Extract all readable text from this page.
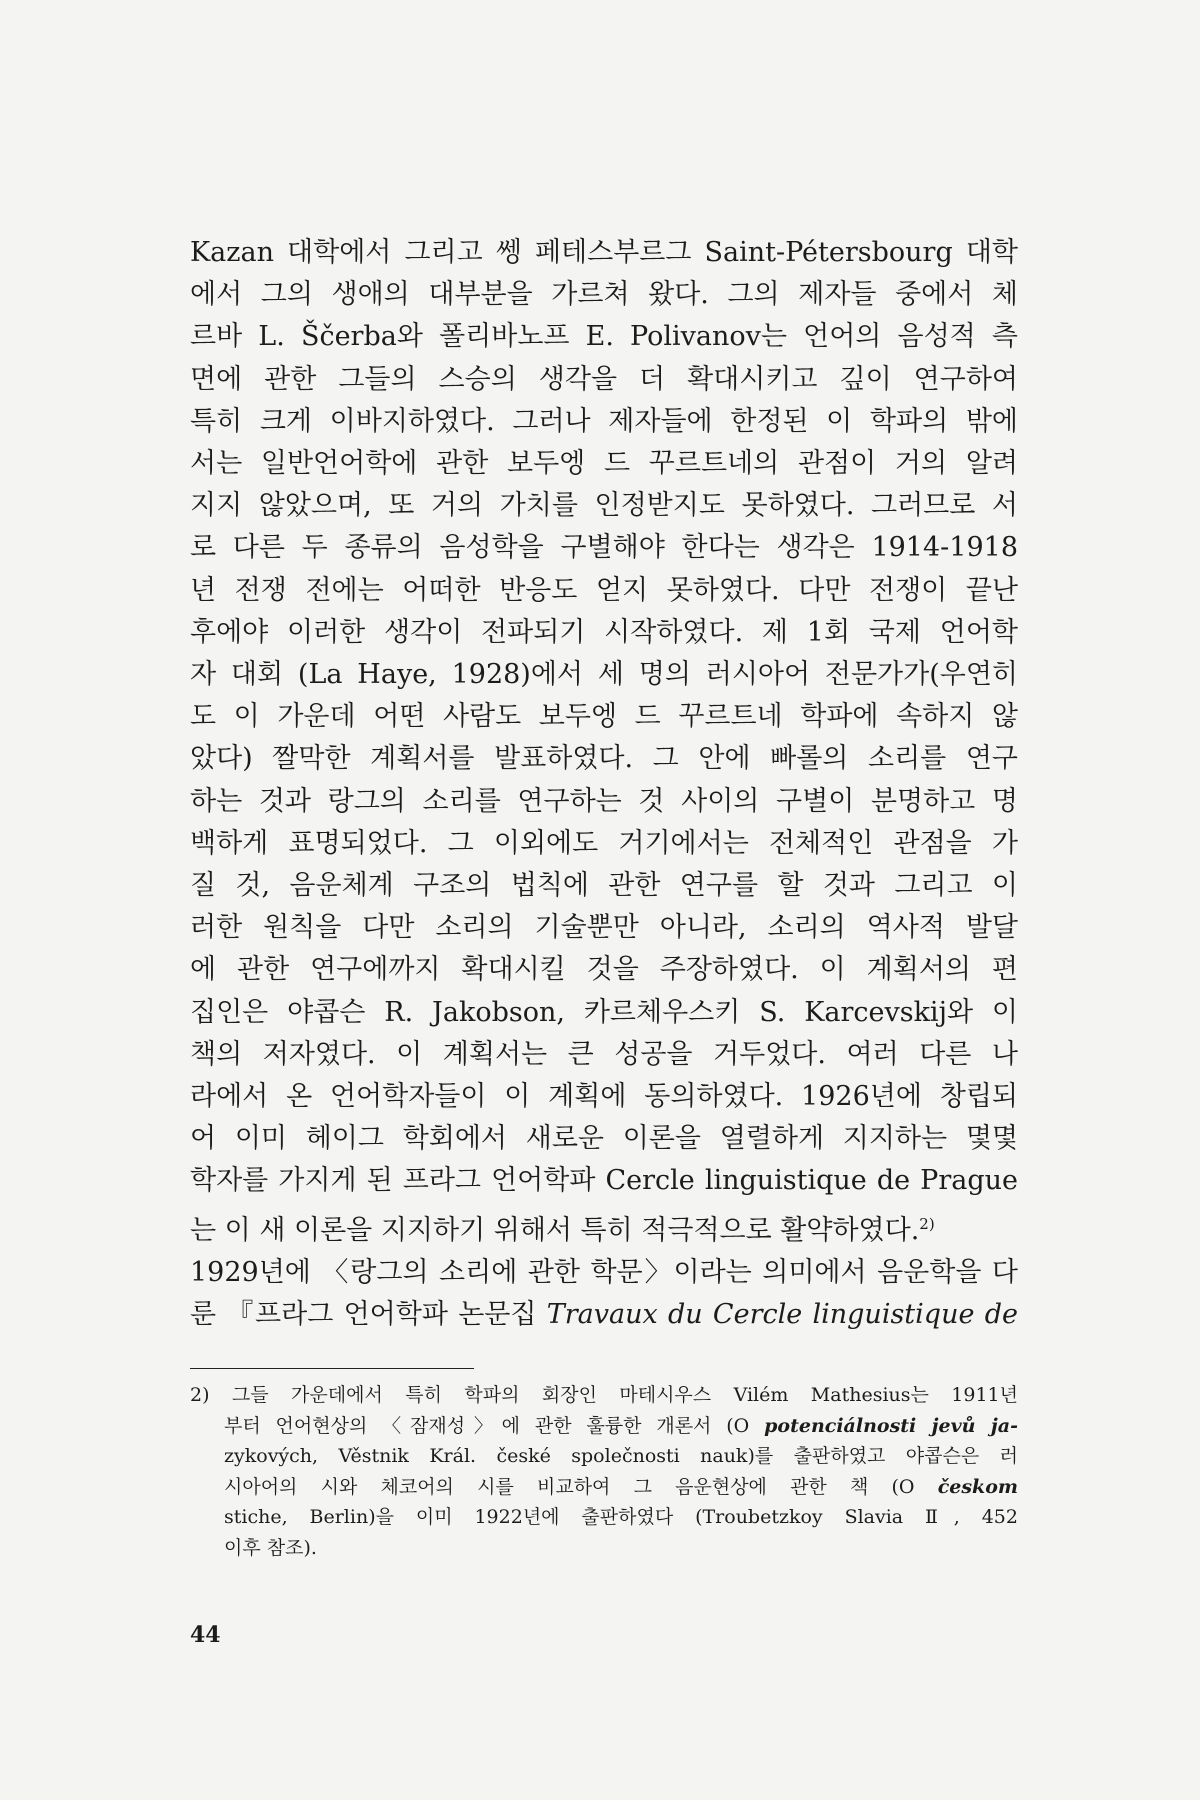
Kazan 대학에서 그리고 쎙 페테스부르그 Saint-Pétersbourg 대학
에서 그의 생애의 대부분을 가르쳐 왔다. 그의 제자들 중에서 체
르바 L. Ščerba와 폴리바노프 E. Polivanov는 언어의 음성적 측
면에 관한 그들의 스승의 생각을 더 확대시키고 깊이 연구하여
특히 크게 이바지하였다. 그러나 제자들에 한정된 이 학파의 밖에
서는 일반언어학에 관한 보두엥 드 꾸르트네의 관점이 거의 알려
지지 않았으며, 또 거의 가치를 인정받지도 못하였다. 그러므로 서
로 다른 두 종류의 음성학을 구별해야 한다는 생각은 1914-1918
년 전쟁 전에는 어떠한 반응도 얻지 못하였다. 다만 전쟁이 끝난
후에야 이러한 생각이 전파되기 시작하였다. 제 1회 국제 언어학
자 대회 (La Haye, 1928)에서 세 명의 러시아어 전문가가(우연히
도 이 가운데 어떤 사람도 보두엥 드 꾸르트네 학파에 속하지 않
았다) 짤막한 계획서를 발표하였다. 그 안에 빠롤의 소리를 연구
하는 것과 랑그의 소리를 연구하는 것 사이의 구별이 분명하고 명
백하게 표명되었다. 그 이외에도 거기에서는 전체적인 관점을 가
질 것, 음운체계 구조의 법칙에 관한 연구를 할 것과 그리고 이
러한 원칙을 다만 소리의 기술뿐만 아니라, 소리의 역사적 발달
에 관한 연구에까지 확대시킬 것을 주장하였다. 이 계획서의 편
집인은 야콥슨 R. Jakobson, 카르체우스키 S. Karcevskij와 이
책의 저자였다. 이 계획서는 큰 성공을 거두었다. 여러 다른 나
라에서 온 언어학자들이 이 계획에 동의하였다. 1926년에 창립되
어 이미 헤이그 학회에서 새로운 이론을 열렬하게 지지하는 몇몇
학자를 가지게 된 프라그 언어학파 Cercle linguistique de Prague
는 이 새 이론을 지지하기 위해서 특히 적극적으로 활약하였다.$^{2)}$
1929년에 〈랑그의 소리에 관한 학문〉이라는 의미에서 음운학을 다
룬 『프라그 언어학파 논문집 Travaux du Cercle linguistique de
2) 그들 가운데에서 특히 학파의 회장인 마테시우스 Vilém Mathesius는 1911년
부터 언어현상의 〈잠재성〉에 관한 훌륭한 개론서 (O potenciálnosti jevů ja-
zykových, Věstnik Král. české společnosti nauk)를 출판하였고 야콥슨은 러
시아어의 시와 체코어의 시를 비교하여 그 음운현상에 관한 책 (O českom
stiche, Berlin)을 이미 1922년에 출판하였다 (Troubetzkoy Slavia Ⅱ, 452
이후 참조).
44
